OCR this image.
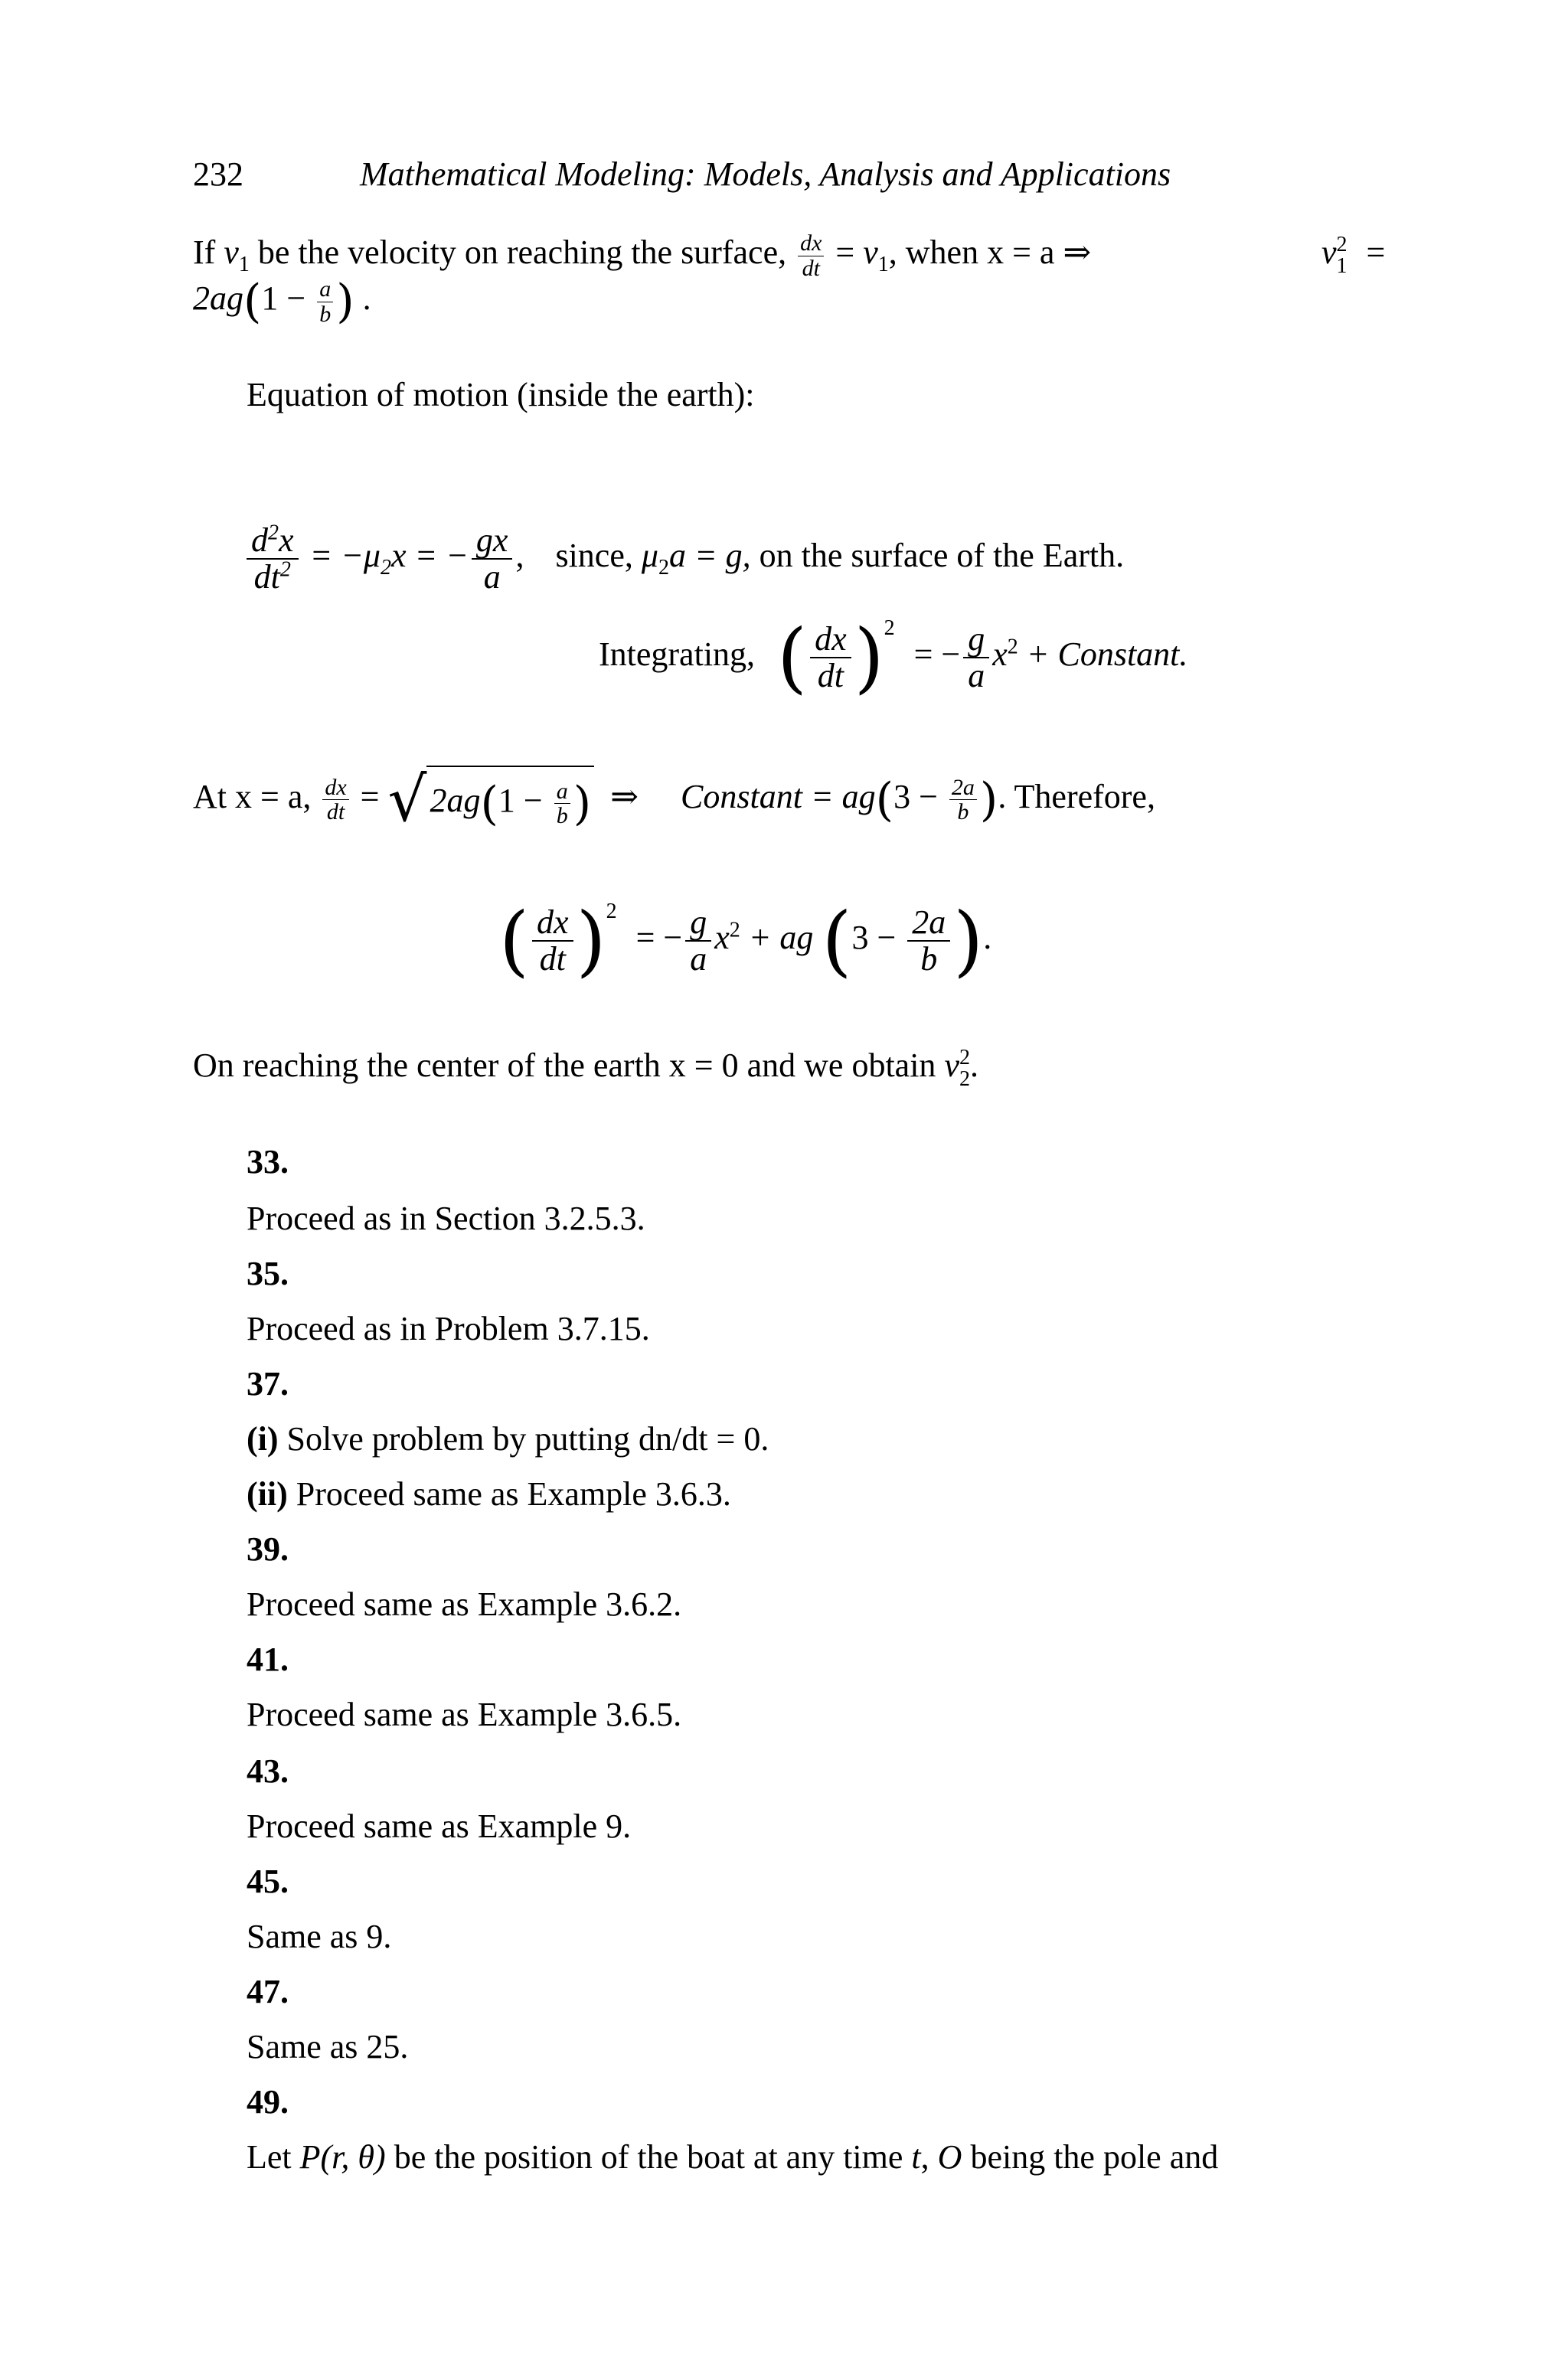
232	Mathematical Modeling: Models, Analysis and Applications
If $v_1$ be the velocity on reaching the surface, $\frac{dx}{dt} = v_1$, when x = a ⇒	v 2
1 =
$2ag(1 - \frac{a}{b}$ ) .
Equation of motion (inside the earth):
$\frac{d^2x}{dt^2} = -\mu_2x$ = − $\frac{gx}{a}$ , since, $\mu_2a = g$, on the surface of the Earth.
Integrating, ( $\frac{dx}{dt} )^2$ = − $\frac{g}{a} x^2$ + Constant.
At x = a, $\frac{dx}{dt} = √2ag(1 - \frac{a}{b}$ ) ⇒ Constant = $ag(3 - \frac{2a}{b}$ ). Therefore,
( $\frac{dx}{dt} )^2$ = − $\frac{g}{a} x^2$ + ag ($3 - \frac{2a}{b}$ ).
On reaching the center of the earth x = 0 and we obtain v 2
2 .
33.
Proceed as in Section 3.2.5.3.
35.
Proceed as in Problem 3.7.15.
37.
(i) Solve problem by putting dn/dt = 0.
(ii) Proceed same as Example 3.6.3.
39.
Proceed same as Example 3.6.2.
41.
Proceed same as Example 3.6.5.
43.
Proceed same as Example 9.
45.
Same as 9.
47.
Same as 25.
49.
Let P(r, θ) be the position of the boat at any time t, O being the pole and
